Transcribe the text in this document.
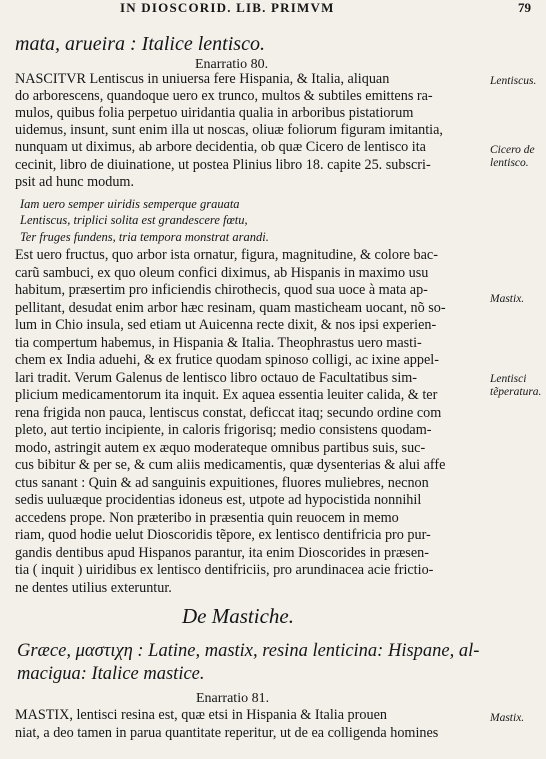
IN DIOSCORID. LIB. PRIMVM	79
mata, arueira : Italice lentisco.
Enarratio 80.
NASCITVR Lentiscus in uniuersa fere Hispania, & Italia, aliquan
do arborescens, quandoque uero ex trunco, multos & subtiles emittens ra-
mulos, quibus folia perpetuo uiridantia qualia in arboribus pistatiorum
uidemus, insunt, sunt enim illa ut noscas, oliuæ foliorum figuram imitantia,
nunquam ut diximus, ab arbore decidentia, ob quæ Cicero de lentisco ita
cecinit, libro de diuinatione, ut postea Plinius libro 18. capite 25. subscri-
psit ad hunc modum.
Iam uero semper uiridis semperque grauata
Lentiscus, triplici solita est grandescere fœtu,
Ter fruges fundens, tria tempora monstrat arandi.
Est uero fructus, quo arbor ista ornatur, figura, magnitudine, & colore bac-
carũ sambuci, ex quo oleum confici diximus, ab Hispanis in maximo usu
habitum, præsertim pro inficiendis chirothecis, quod sua uoce à mata ap-
pellitant, desudat enim arbor hæc resinam, quam masticheam uocant, nõ so-
lum in Chio insula, sed etiam ut Auicenna recte dixit, & nos ipsi experien-
tia compertum habemus, in Hispania & Italia. Theophrastus uero masti-
chem ex India aduehi, & ex frutice quodam spinoso colligi, ac ixine appel-
lari tradit. Verum Galenus de lentisco libro octauo de Facultatibus sim-
plicium medicamentorum ita inquit. Ex aquea essentia leuiter calida, & ter
rena frigida non pauca, lentiscus constat, deficcat itaq; secundo ordine com
pleto, aut tertio incipiente, in caloris frigorisq; medio consistens quodam-
modo, astringit autem ex æquo moderateque omnibus partibus suis, suc-
cus bibitur & per se, & cum aliis medicamentis, quæ dysenterias & alui affe
ctus sanant : Quin & ad sanguinis expuitiones, fluores muliebres, necnon
sedis uuluæque procidentias idoneus est, utpote ad hypocistida nonnihil
accedens prope. Non præteribo in præsentia quin reuocem in memo
riam, quod hodie uelut Dioscoridis tẽpore, ex lentisco dentifricia pro pur-
gandis dentibus apud Hispanos parantur, ita enim Dioscorides in præsen-
tia ( inquit ) uiridibus ex lentisco dentifriciis, pro arundinacea acie frictio-
ne dentes utilius exteruntur.
De Mastiche.
Græce, μαστιχη : Latine, mastix, resina lenticina: Hispane, al-
macigua: Italice mastice.
Enarratio 81.
MASTIX, lentisci resina est, quæ etsi in Hispania & Italia prouen
niat, a deo tamen in parua quantitate reperitur, ut de ea colligenda homines
Lentiscus.
Cicero de lentisco.
Mastix.
Lentisci tẽperatura.
Mastix.
